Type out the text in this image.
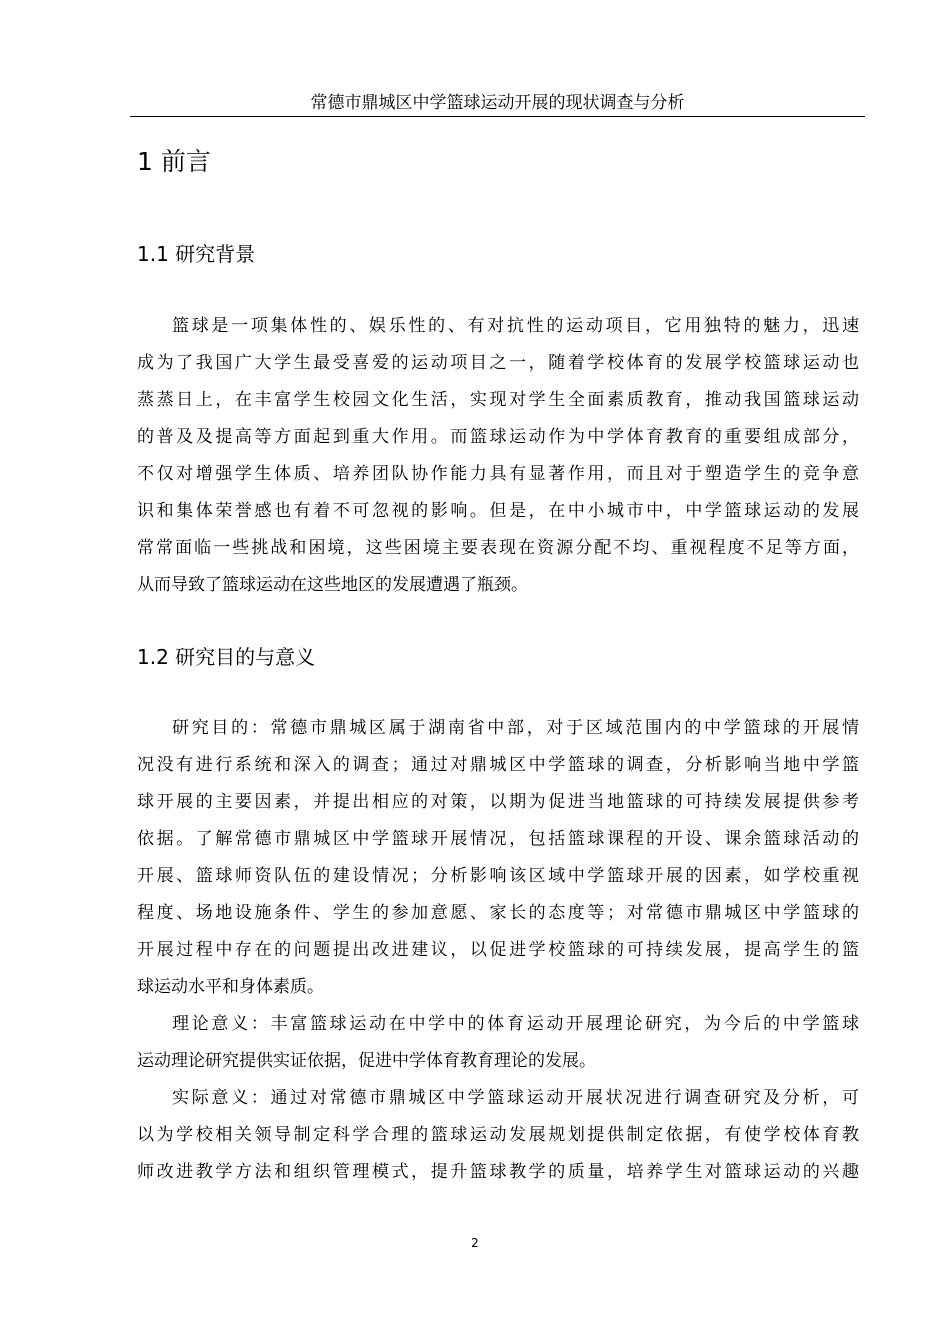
常德市鼎城区中学篮球运动开展的现状调查与分析
1 前言
1.1 研究背景
篮球是一项集体性的、娱乐性的、有对抗性的运动项目，它用独特的魅力，迅速
成为了我国广大学生最受喜爱的运动项目之一，随着学校体育的发展学校篮球运动也
蒸蒸日上，在丰富学生校园文化生活，实现对学生全面素质教育，推动我国篮球运动
的普及及提高等方面起到重大作用。而篮球运动作为中学体育教育的重要组成部分，
不仅对增强学生体质、培养团队协作能力具有显著作用，而且对于塑造学生的竞争意
识和集体荣誉感也有着不可忽视的影响。但是，在中小城市中，中学篮球运动的发展
常常面临一些挑战和困境，这些困境主要表现在资源分配不均、重视程度不足等方面，
从而导致了篮球运动在这些地区的发展遭遇了瓶颈。
1.2 研究目的与意义
研究目的：常德市鼎城区属于湖南省中部，对于区域范围内的中学篮球的开展情
况没有进行系统和深入的调查；通过对鼎城区中学篮球的调查，分析影响当地中学篮
球开展的主要因素，并提出相应的对策，以期为促进当地篮球的可持续发展提供参考
依据。了解常德市鼎城区中学篮球开展情况，包括篮球课程的开设、课余篮球活动的
开展、篮球师资队伍的建设情况；分析影响该区域中学篮球开展的因素，如学校重视
程度、场地设施条件、学生的参加意愿、家长的态度等；对常德市鼎城区中学篮球的
开展过程中存在的问题提出改进建议，以促进学校篮球的可持续发展，提高学生的篮
球运动水平和身体素质。
理论意义：丰富篮球运动在中学中的体育运动开展理论研究，为今后的中学篮球
运动理论研究提供实证依据，促进中学体育教育理论的发展。
实际意义：通过对常德市鼎城区中学篮球运动开展状况进行调查研究及分析，可
以为学校相关领导制定科学合理的篮球运动发展规划提供制定依据，有使学校体育教
师改进教学方法和组织管理模式，提升篮球教学的质量，培养学生对篮球运动的兴趣
2
